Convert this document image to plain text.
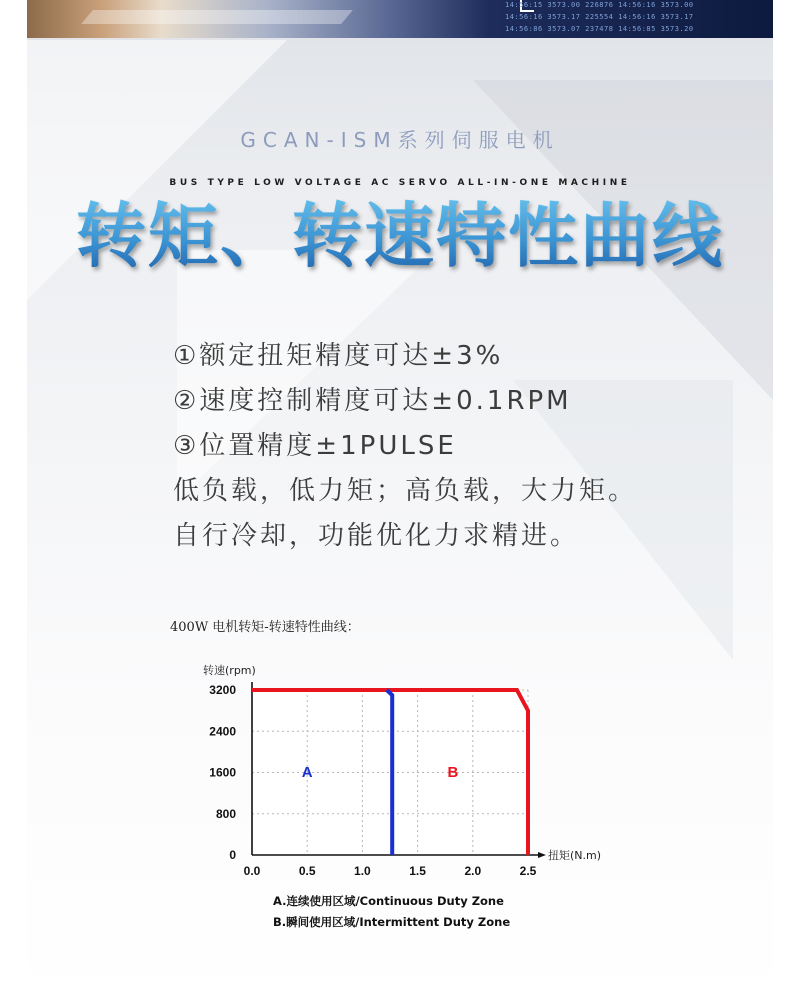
14:56:15 3573.00 226876 14:56:16 3573.00
14:56:16 3573.17 225554 14:56:16 3573.17
14:56:86 3573.07 237478 14:56:85 3573.20
GCAN-ISM系列伺服电机
BUS TYPE LOW VOLTAGE AC SERVO ALL-IN-ONE MACHINE
转矩、转速特性曲线
①额定扭矩精度可达±3%
②速度控制精度可达±0.1RPM
③位置精度±1PULSE
低负载，低力矩；高负载，大力矩。
自行冷却，功能优化力求精进。
400W 电机转矩-转速特性曲线：
0.0	0.5	1.0	1.5	2.0	2.5
0
800
1600
2400
3200
转速(rpm)
扭矩(N.m)
A	B
A.连续使用区域/Continuous Duty Zone
B.瞬间使用区域/Intermittent Duty Zone
